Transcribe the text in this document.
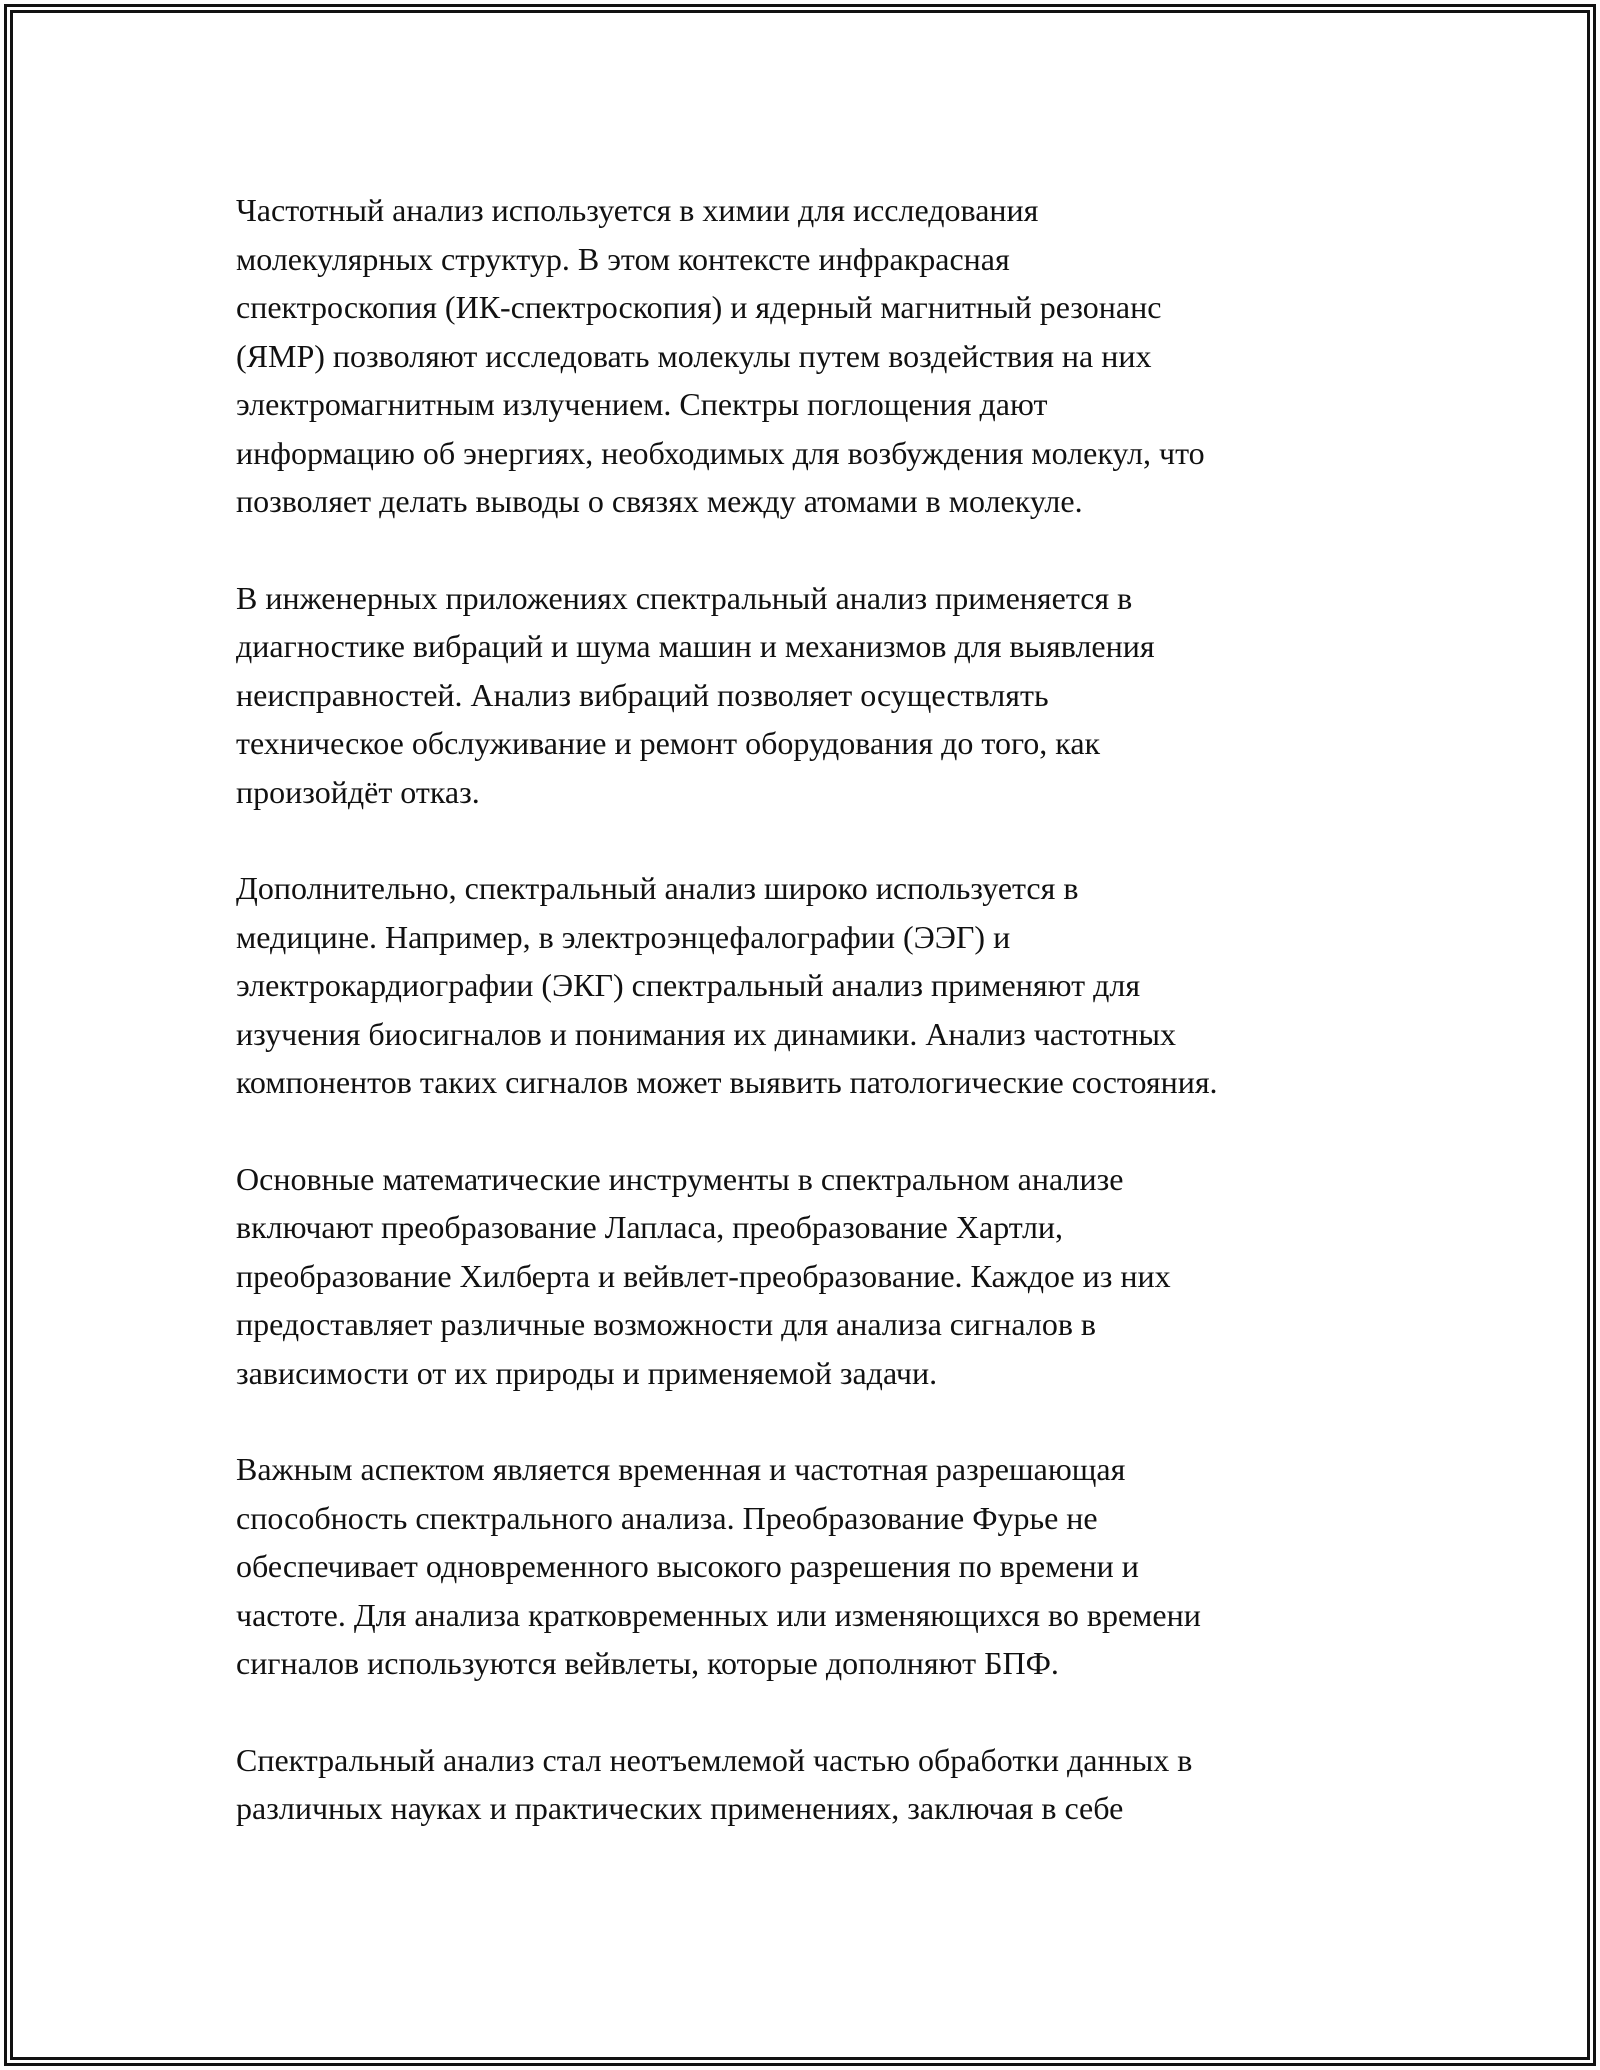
Частотный анализ используется в химии для исследования
молекулярных структур. В этом контексте инфракрасная
спектроскопия (ИК-спектроскопия) и ядерный магнитный резонанс
(ЯМР) позволяют исследовать молекулы путем воздействия на них
электромагнитным излучением. Спектры поглощения дают
информацию об энергиях, необходимых для возбуждения молекул, что
позволяет делать выводы о связях между атомами в молекуле.

В инженерных приложениях спектральный анализ применяется в
диагностике вибраций и шума машин и механизмов для выявления
неисправностей. Анализ вибраций позволяет осуществлять
техническое обслуживание и ремонт оборудования до того, как
произойдёт отказ.

Дополнительно, спектральный анализ широко используется в
медицине. Например, в электроэнцефалографии (ЭЭГ) и
электрокардиографии (ЭКГ) спектральный анализ применяют для
изучения биосигналов и понимания их динамики. Анализ частотных
компонентов таких сигналов может выявить патологические состояния.

Основные математические инструменты в спектральном анализе
включают преобразование Лапласа, преобразование Хартли,
преобразование Хилберта и вейвлет-преобразование. Каждое из них
предоставляет различные возможности для анализа сигналов в
зависимости от их природы и применяемой задачи.

Важным аспектом является временная и частотная разрешающая
способность спектрального анализа. Преобразование Фурье не
обеспечивает одновременного высокого разрешения по времени и
частоте. Для анализа кратковременных или изменяющихся во времени
сигналов используются вейвлеты, которые дополняют БПФ.

Спектральный анализ стал неотъемлемой частью обработки данных в
различных науках и практических применениях, заключая в себе
